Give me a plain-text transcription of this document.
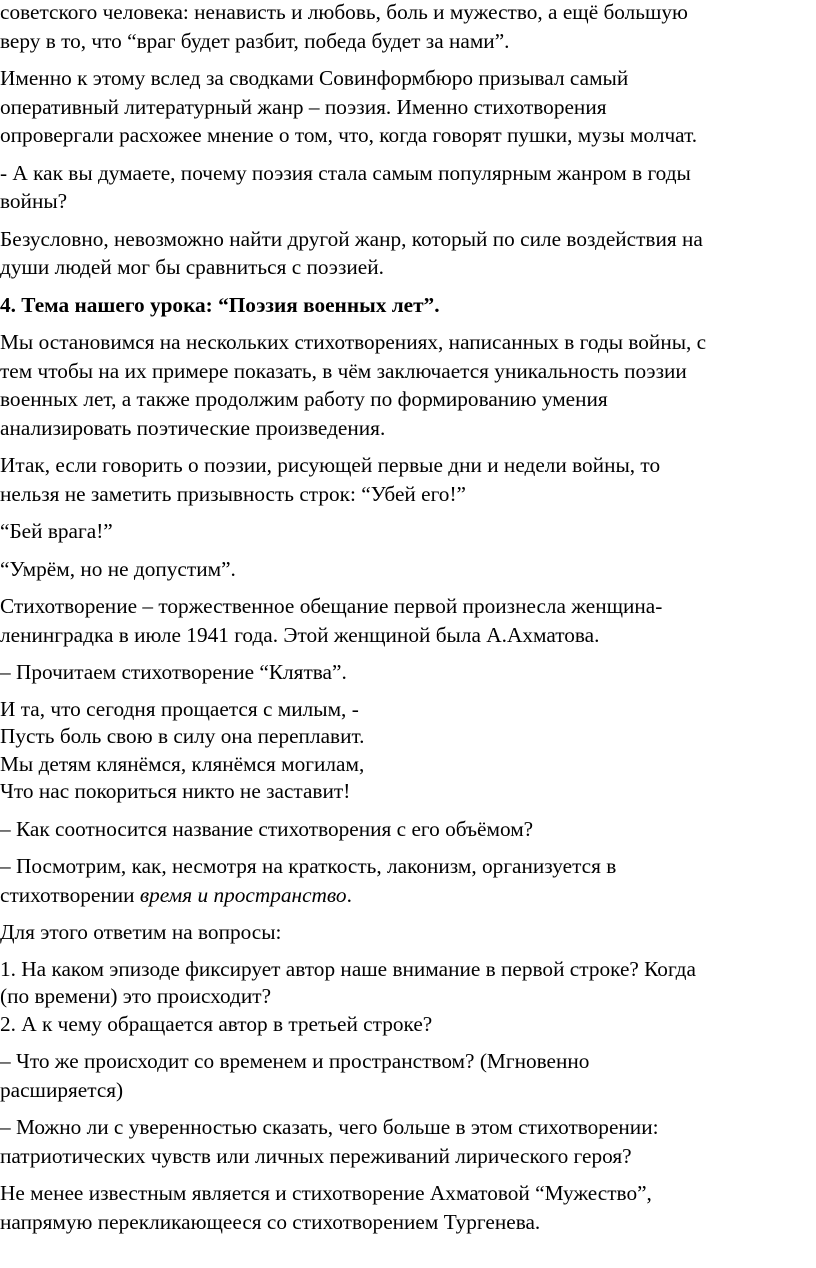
советского человека: ненависть и любовь, боль и мужество, а ещё большую
веру в то, что “враг будет разбит, победа будет за нами”.

Именно к этому вслед за сводками Совинформбюро призывал самый
оперативный литературный жанр – поэзия. Именно стихотворения
опровергали расхожее мнение о том, что, когда говорят пушки, музы молчат.

- А как вы думаете, почему поэзия стала самым популярным жанром в годы
войны?

Безусловно, невозможно найти другой жанр, который по силе воздействия на
души людей мог бы сравниться с поэзией.

4. Тема нашего урока: “Поэзия военных лет”.

Мы остановимся на нескольких стихотворениях, написанных в годы войны, с
тем чтобы на их примере показать, в чём заключается уникальность поэзии
военных лет, а также продолжим работу по формированию умения
анализировать поэтические произведения.

Итак, если говорить о поэзии, рисующей первые дни и недели войны, то
нельзя не заметить призывность строк: “Убей его!”

“Бей врага!”

“Умрём, но не допустим”.

Стихотворение – торжественное обещание первой произнесла женщина-
ленинградка в июле 1941 года. Этой женщиной была А.Ахматова.

– Прочитаем стихотворение “Клятва”.

И та, что сегодня прощается с милым, -
Пусть боль свою в силу она переплавит.
Мы детям клянёмся, клянёмся могилам,
Что нас покориться никто не заставит!

– Как соотносится название стихотворения с его объёмом?

– Посмотрим, как, несмотря на краткость, лаконизм, организуется в
стихотворении время и пространство.

Для этого ответим на вопросы:

1. На каком эпизоде фиксирует автор наше внимание в первой строке? Когда
(по времени) это происходит?
2. А к чему обращается автор в третьей строке?

– Что же происходит со временем и пространством? (Мгновенно
расширяется)

– Можно ли с уверенностью сказать, чего больше в этом стихотворении:
патриотических чувств или личных переживаний лирического героя?

Не менее известным является и стихотворение Ахматовой “Мужество”,
напрямую перекликающееся со стихотворением Тургенева.
